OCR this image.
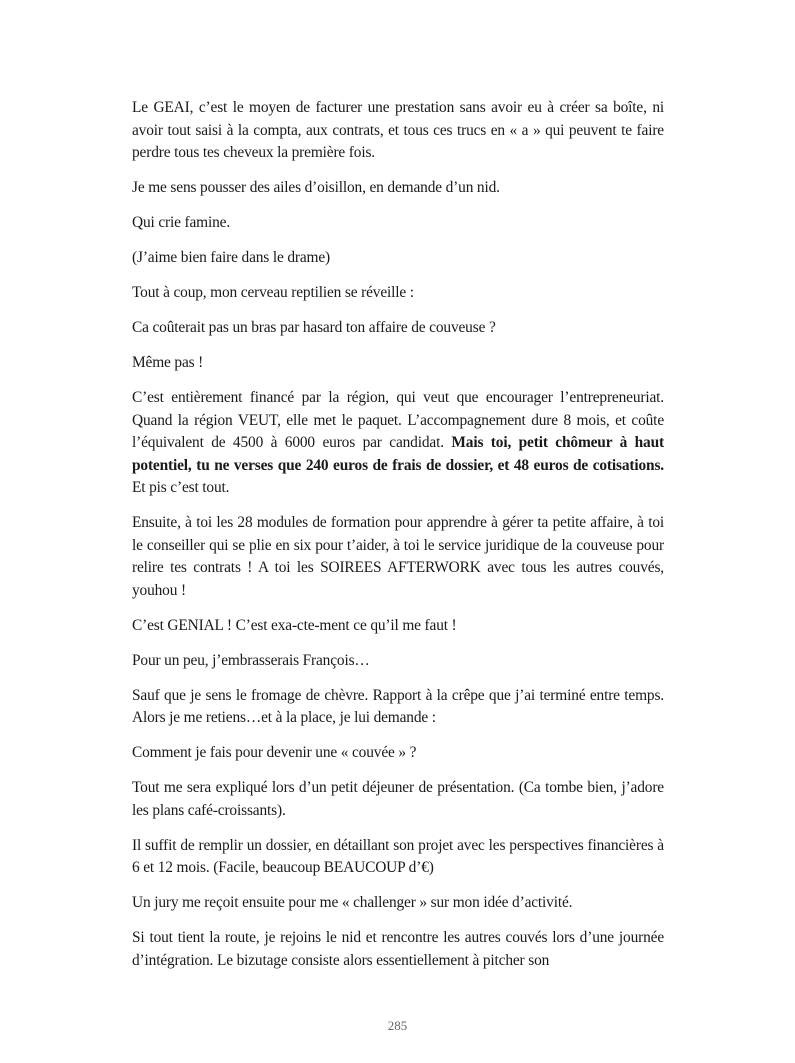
Le GEAI, c’est le moyen de facturer une prestation sans avoir eu à créer sa boîte, ni avoir tout saisi à la compta, aux contrats, et tous ces trucs en « a » qui peuvent te faire perdre tous tes cheveux la première fois.

Je me sens pousser des ailes d’oisillon, en demande d’un nid.

Qui crie famine.

(J’aime bien faire dans le drame)

Tout à coup, mon cerveau reptilien se réveille :

Ca coûterait pas un bras par hasard ton affaire de couveuse ?

Même pas !

C’est entièrement financé par la région, qui veut que encourager l’entrepreneuriat. Quand la région VEUT, elle met le paquet. L’accompagnement dure 8 mois, et coûte l’équivalent de 4500 à 6000 euros par candidat. Mais toi, petit chômeur à haut potentiel, tu ne verses que 240 euros de frais de dossier, et 48 euros de cotisations. Et pis c’est tout.

Ensuite, à toi les 28 modules de formation pour apprendre à gérer ta petite affaire, à toi le conseiller qui se plie en six pour t’aider, à toi le service juridique de la couveuse pour relire tes contrats ! A toi les SOIREES AFTERWORK avec tous les autres couvés, youhou !

C’est GENIAL ! C’est exa-cte-ment ce qu’il me faut !

Pour un peu, j’embrasserais François…

Sauf que je sens le fromage de chèvre. Rapport à la crêpe que j’ai terminé entre temps. Alors je me retiens…et à la place, je lui demande :

Comment je fais pour devenir une « couvée » ?

Tout me sera expliqué lors d’un petit déjeuner de présentation. (Ca tombe bien, j’adore les plans café-croissants).

Il suffit de remplir un dossier, en détaillant son projet avec les perspectives financières à 6 et 12 mois. (Facile, beaucoup BEAUCOUP d’€)

Un jury me reçoit ensuite pour me « challenger » sur mon idée d’activité.

Si tout tient la route, je rejoins le nid et rencontre les autres couvés lors d’une journée d’intégration. Le bizutage consiste alors essentiellement à pitcher son

285
